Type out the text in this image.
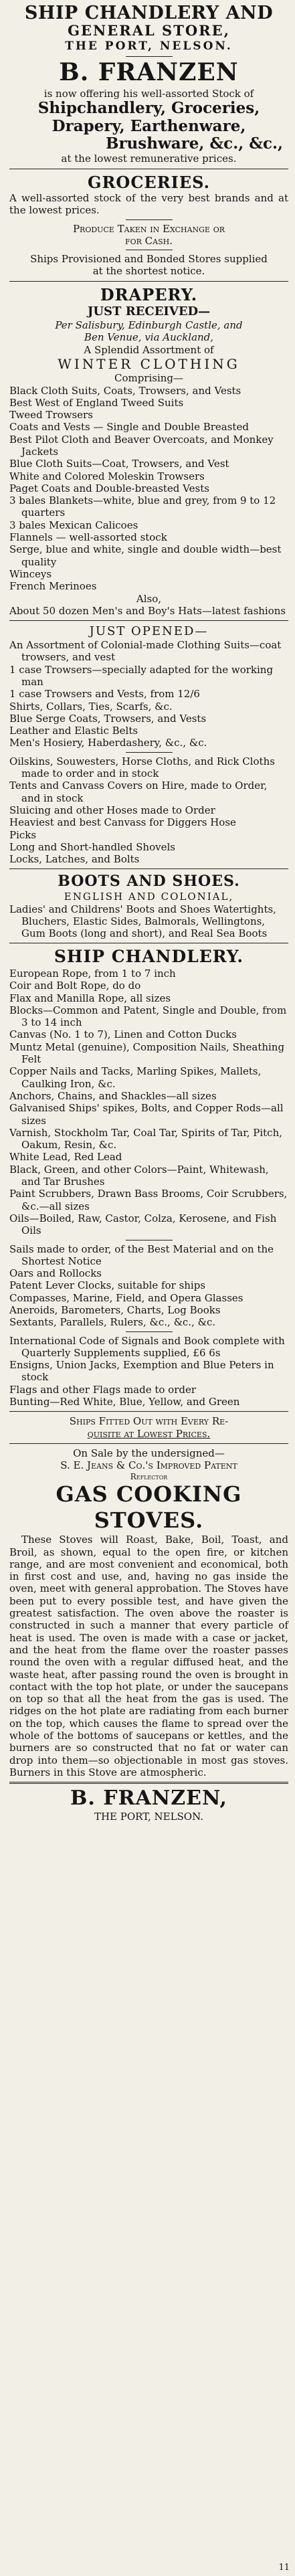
SHIP CHANDLERY AND
GENERAL STORE,
THE PORT, NELSON.
B. FRANZEN
is now offering his well-assorted Stock of
Shipchandlery, Groceries,
Drapery, Earthenware,
Brushware, &c., &c.,
at the lowest remunerative prices.
GROCERIES.

A well-assorted stock of the very best brands and at the lowest prices.

Produce Taken in Exchange or
for Cash.
Ships Provisioned and Bonded Stores supplied
at the shortest notice.
DRAPERY.
JUST RECEIVED—
Per Salisbury, Edinburgh Castle, and
Ben Venue, via Auckland,
A Splendid Assortment of
WINTER CLOTHING
Comprising—
Black Cloth Suits, Coats, Trowsers, and Vests
Best West of England Tweed Suits
Tweed Trowsers
Coats and Vests — Single and Double Breasted
Best Pilot Cloth and Beaver Overcoats, and Monkey Jackets
Blue Cloth Suits—Coat, Trowsers, and Vest
White and Colored Moleskin Trowsers
Paget Coats and Double-breasted Vests
3 bales Blankets—white, blue and grey, from 9 to 12 quarters
3 bales Mexican Calicoes
Flannels — well-assorted stock
Serge, blue and white, single and double width—best quality
Winceys
French Merinoes
Also,
About 50 dozen Men's and Boy's Hats—latest fashions
JUST OPENED—
An Assortment of Colonial-made Clothing Suits—coat trowsers, and vest
1 case Trowsers—specially adapted for the working man
1 case Trowsers and Vests, from 12/6
Shirts, Collars, Ties, Scarfs, &c.
Blue Serge Coats, Trowsers, and Vests
Leather and Elastic Belts
Men's Hosiery, Haberdashery, &c., &c.
Oilskins, Souwesters, Horse Cloths, and Rick Cloths made to order and in stock
Tents and Canvass Covers on Hire, made to Order, and in stock
Sluicing and other Hoses made to Order
Heaviest and best Canvass for Diggers Hose
Picks
Long and Short-handled Shovels
Locks, Latches, and Bolts
BOOTS AND SHOES.
ENGLISH AND COLONIAL,

Ladies' and Childrens' Boots and Shoes Watertights, Bluchers, Elastic Sides, Balmorals, Wellingtons, Gum Boots (long and short), and Real Sea Boots

SHIP CHANDLERY.
European Rope, from 1 to 7 inch
Coir and Bolt Rope, do do
Flax and Manilla Rope, all sizes
Blocks—Common and Patent, Single and Double, from 3 to 14 inch
Canvas (No. 1 to 7), Linen and Cotton Ducks
Muntz Metal (genuine), Composition Nails, Sheathing Felt
Copper Nails and Tacks, Marling Spikes, Mallets, Caulking Iron, &c.
Anchors, Chains, and Shackles—all sizes
Galvanised Ships' spikes, Bolts, and Copper Rods—all sizes
Varnish, Stockholm Tar, Coal Tar, Spirits of Tar, Pitch, Oakum, Resin, &c.
White Lead, Red Lead
Black, Green, and other Colors—Paint, Whitewash, and Tar Brushes
Paint Scrubbers, Drawn Bass Brooms, Coir Scrubbers, &c.—all sizes
Oils—Boiled, Raw, Castor, Colza, Kerosene, and Fish Oils
Sails made to order, of the Best Material and on the Shortest Notice
Oars and Rollocks
Patent Lever Clocks, suitable for ships
Compasses, Marine, Field, and Opera Glasses
Aneroids, Barometers, Charts, Log Books
Sextants, Parallels, Rulers, &c., &c., &c.
International Code of Signals and Book complete with Quarterly Supplements supplied, £6 6s
Ensigns, Union Jacks, Exemption and Blue Peters in stock
Flags and other Flags made to order
Bunting—Red White, Blue, Yellow, and Green
Ships Fitted Out with Every Re-
quisite at Lowest Prices.
On Sale by the undersigned—
S. E. Jeans & Co.'s Improved Patent
Reflector
GAS COOKING STOVES.

These Stoves will Roast, Bake, Boil, Toast, and Broil, as shown, equal to the open fire, or kitchen range, and are most convenient and economical, both in first cost and use, and, having no gas inside the oven, meet with general approbation. The Stoves have been put to every possible test, and have given the greatest satisfaction. The oven above the roaster is constructed in such a manner that every particle of heat is used. The oven is made with a case or jacket, and the heat from the flame over the roaster passes round the oven with a regular diffused heat, and the waste heat, after passing round the oven is brought in contact with the top hot plate, or under the saucepans on top so that all the heat from the gas is used. The ridges on the hot plate are radiating from each burner on the top, which causes the flame to spread over the whole of the bottoms of saucepans or kettles, and the burners are so constructed that no fat or water can drop into them—so objectionable in most gas stoves. Burners in this Stove are atmospheric.

B. FRANZEN,
THE PORT, NELSON.
11
